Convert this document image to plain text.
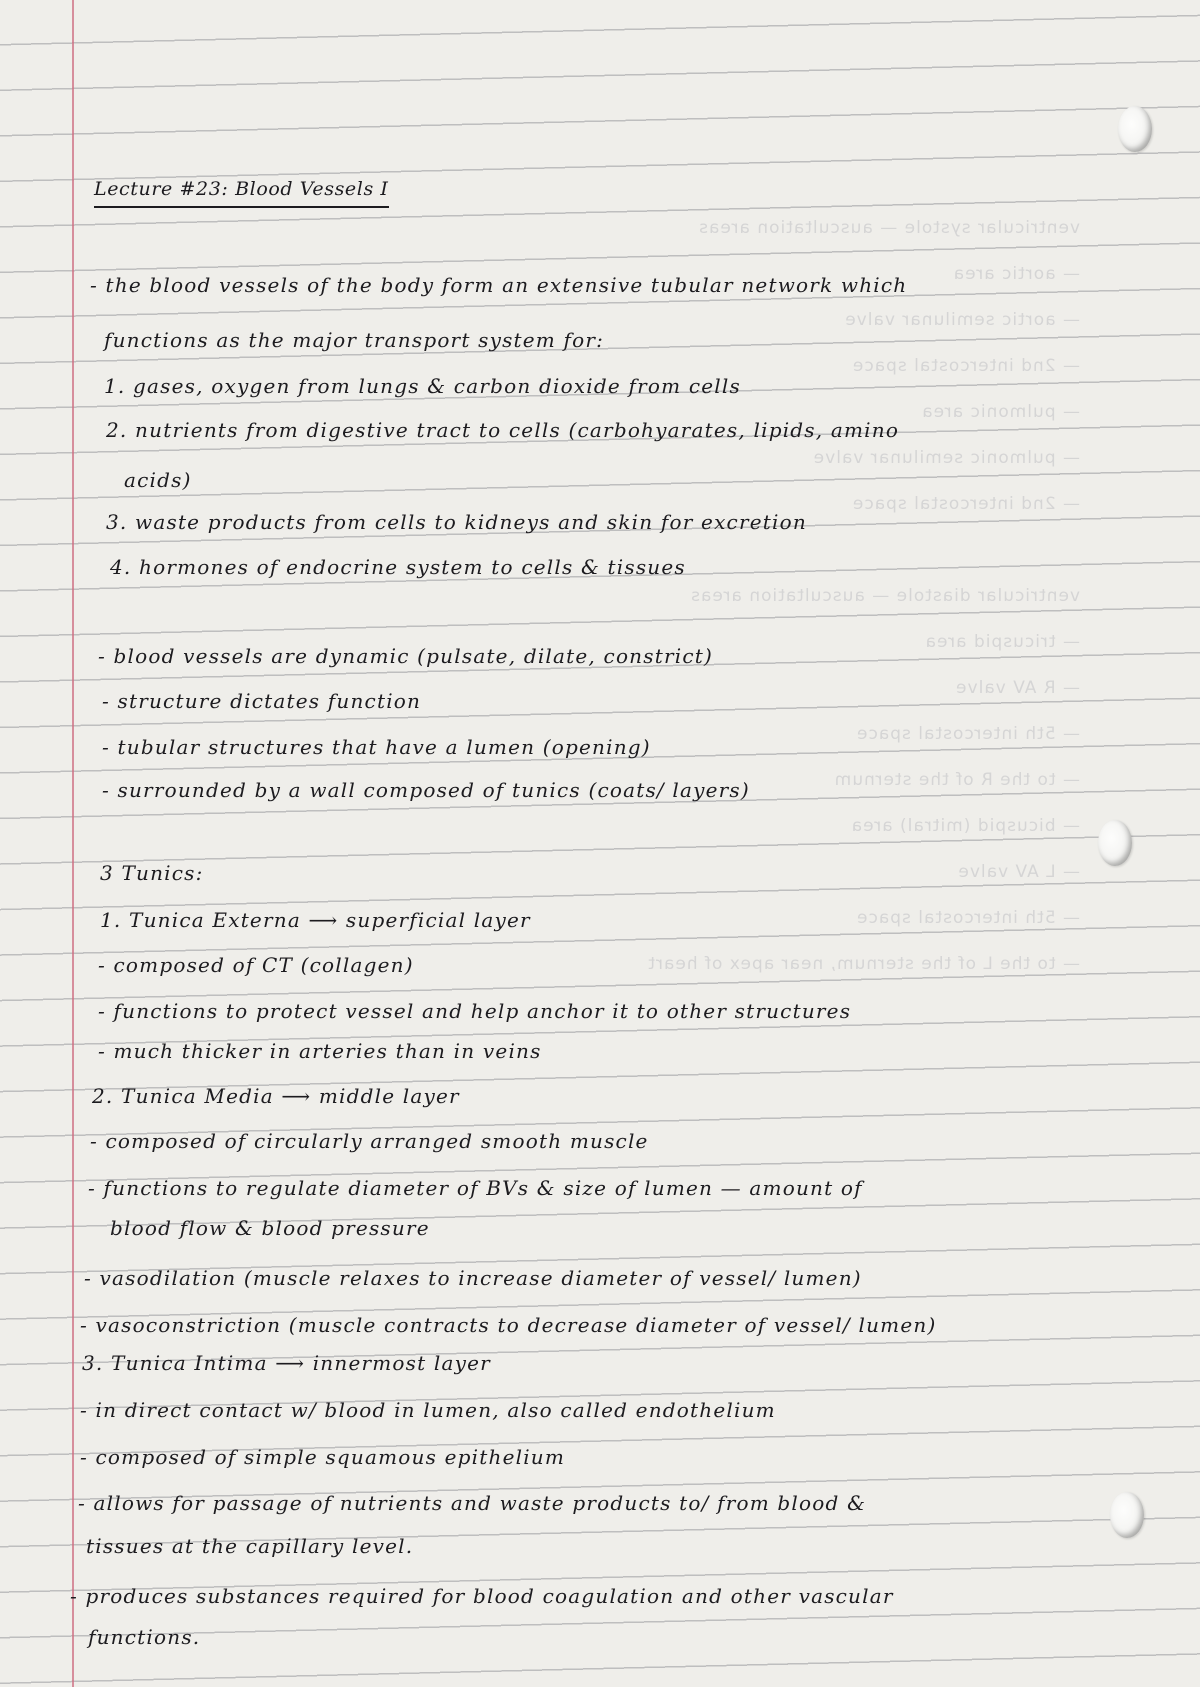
ventricular systole — auscultation areas
— aortic area
— aortic semilunar valve
— 2nd intercostal space
— pulmonic area
— pulmonic semilunar valve
— 2nd intercostal space
ventricular diastole — auscultation areas
— tricuspid area
— R AV valve
— 5th intercostal space
— to the R of the sternum
— bicuspid (mitral) area
— L AV valve
— 5th intercostal space
— to the L of the sternum, near apex of heart
Lecture #23: Blood Vessels I
- the blood vessels of the body form an extensive tubular network which
functions as the major transport system for:
1. gases, oxygen from lungs & carbon dioxide from cells
2. nutrients from digestive tract to cells (carbohyarates, lipids, amino
acids)
3. waste products from cells to kidneys and skin for excretion
4. hormones of endocrine system to cells & tissues
- blood vessels are dynamic (pulsate, dilate, constrict)
- structure dictates function
- tubular structures that have a lumen (opening)
- surrounded by a wall composed of tunics (coats/ layers)
3 Tunics:
1. Tunica Externa ⟶ superficial layer
- composed of CT (collagen)
- functions to protect vessel and help anchor it to other structures
- much thicker in arteries than in veins
2. Tunica Media ⟶ middle layer
- composed of circularly arranged smooth muscle
- functions to regulate diameter of BVs & size of lumen — amount of
blood flow & blood pressure
- vasodilation (muscle relaxes to increase diameter of vessel/ lumen)
- vasoconstriction (muscle contracts to decrease diameter of vessel/ lumen)
3. Tunica Intima ⟶ innermost layer
- in direct contact w/ blood in lumen, also called endothelium
- composed of simple squamous epithelium
- allows for passage of nutrients and waste products to/ from blood &
tissues at the capillary level.
- produces substances required for blood coagulation and other vascular
functions.
